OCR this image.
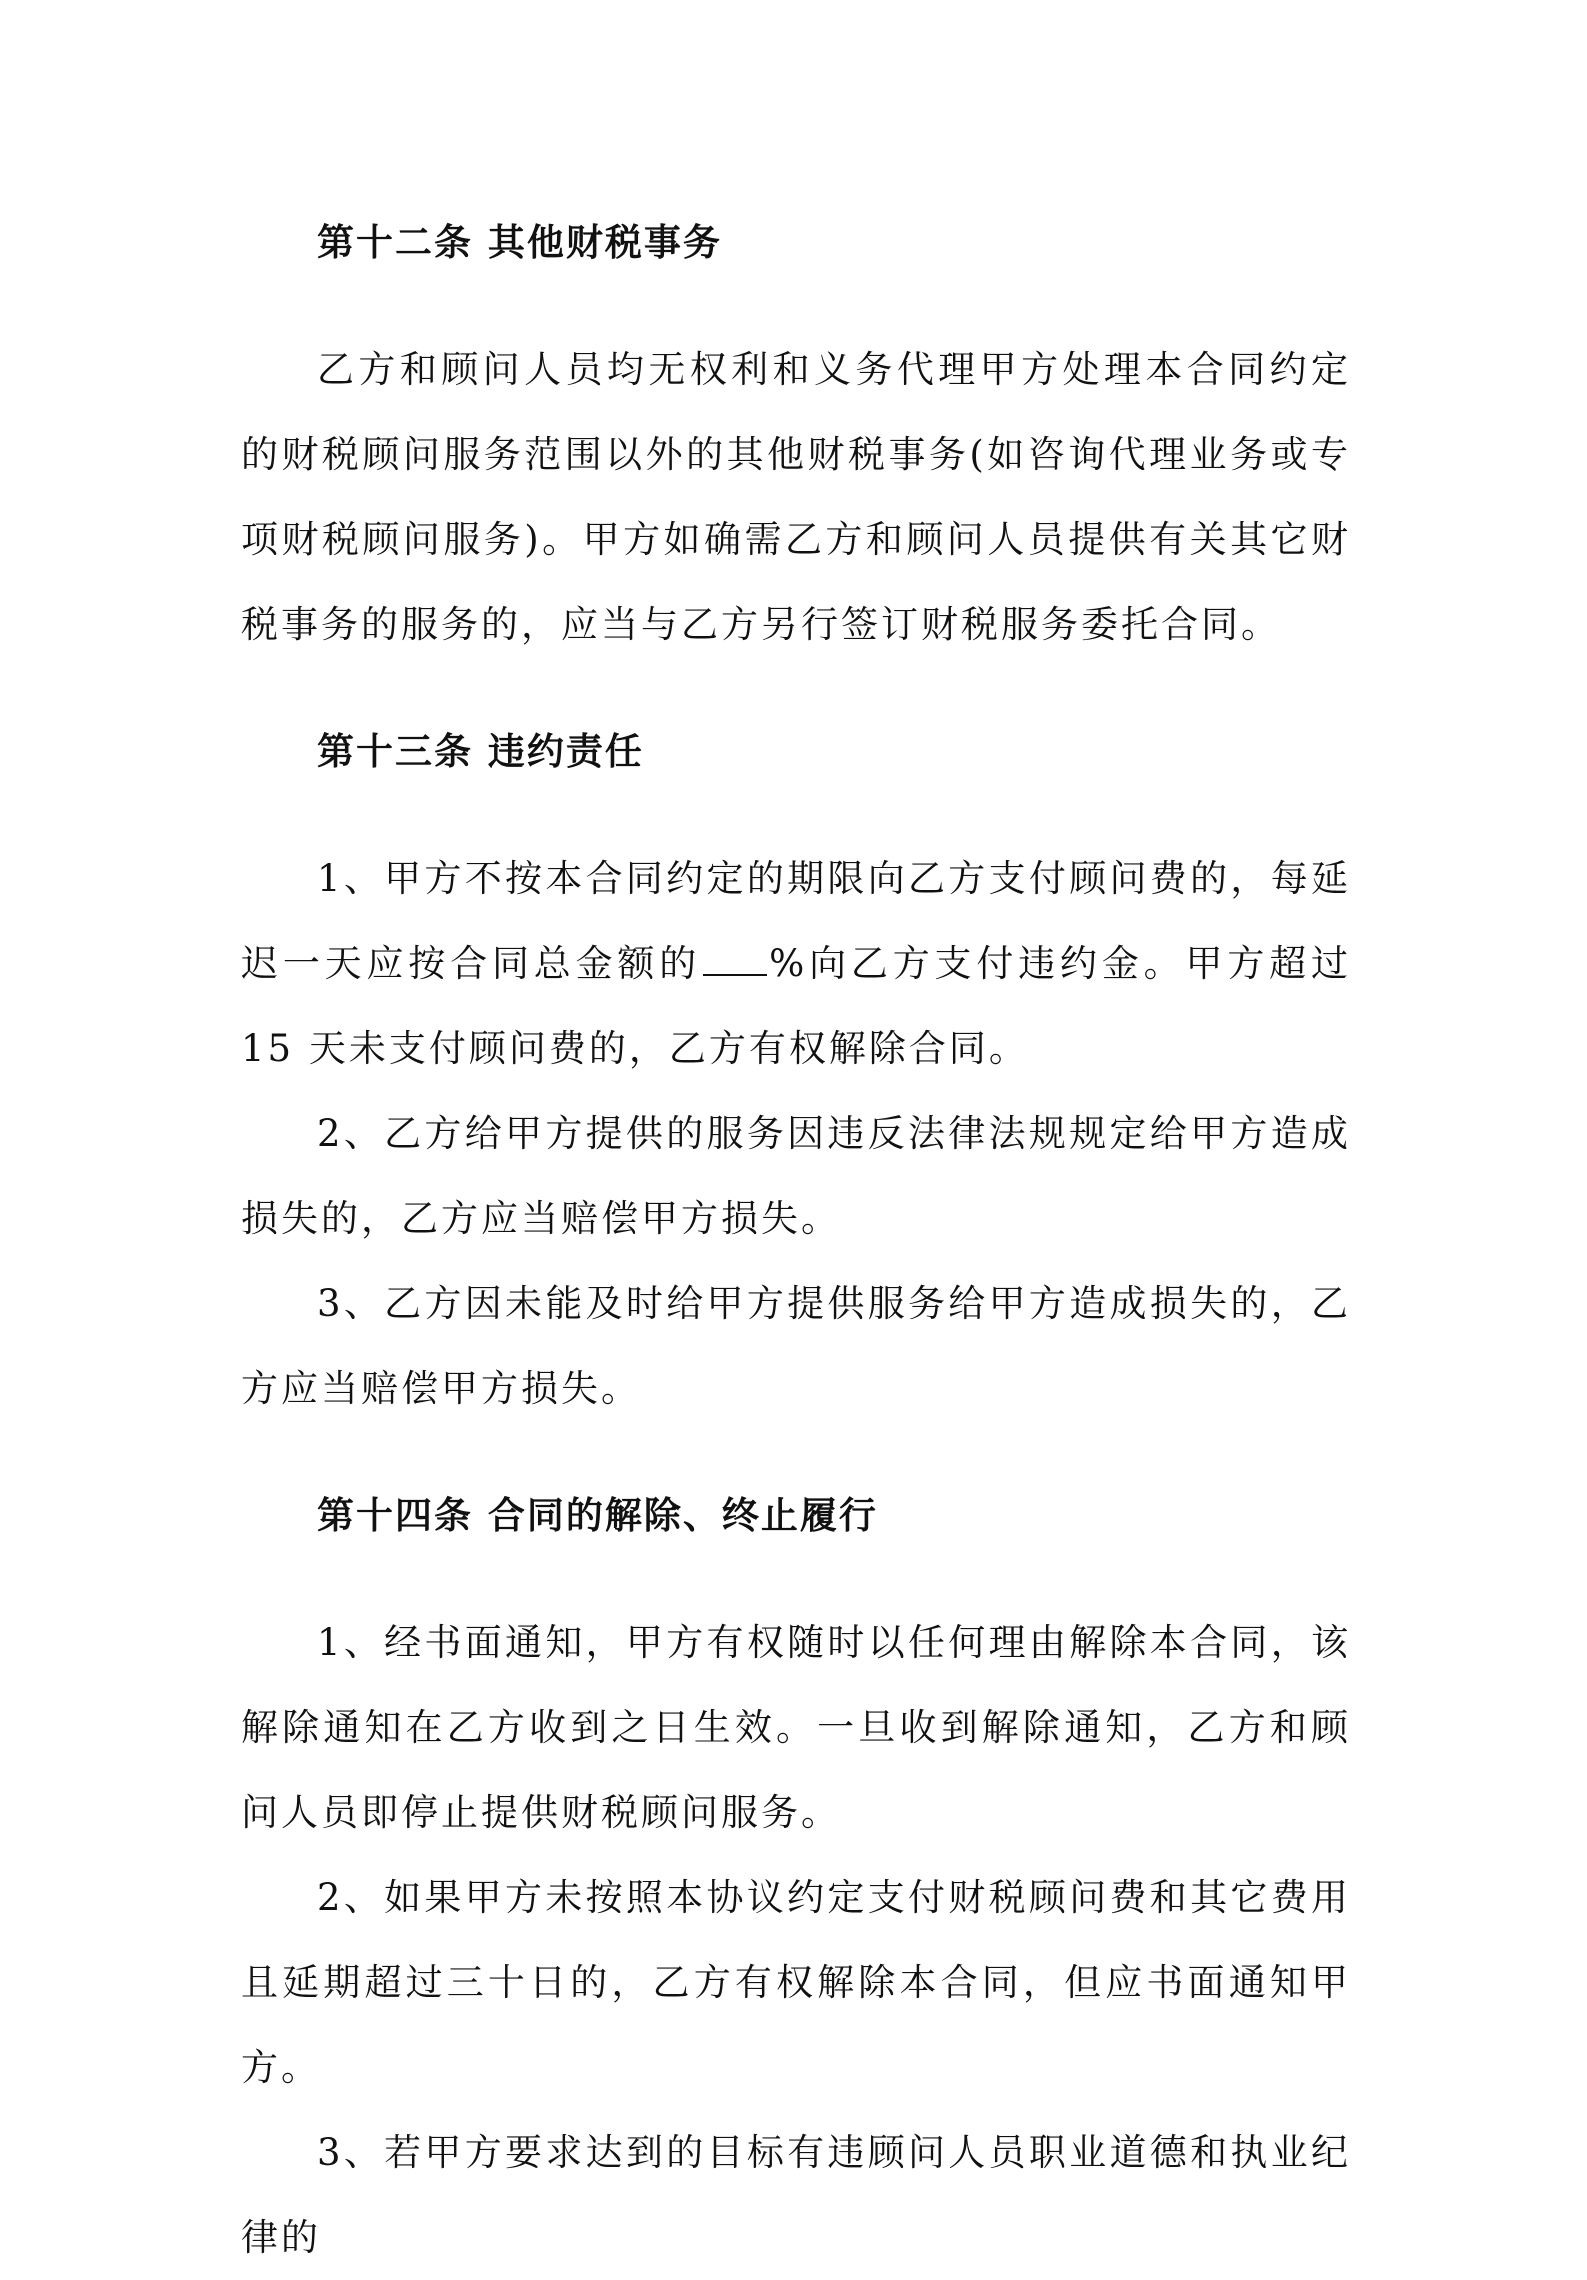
第十二条 其他财税事务

乙方和顾问人员均无权利和义务代理甲方处理本合同约定的财税顾问服务范围以外的其他财税事务(如咨询代理业务或专项财税顾问服务)。甲方如确需乙方和顾问人员提供有关其它财税事务的服务的，应当与乙方另行签订财税服务委托合同。

第十三条 违约责任

1、甲方不按本合同约定的期限向乙方支付顾问费的，每延迟一天应按合同总金额的 %向乙方支付违约金。甲方超过 15 天未支付顾问费的，乙方有权解除合同。

2、乙方给甲方提供的服务因违反法律法规规定给甲方造成损失的，乙方应当赔偿甲方损失。

3、乙方因未能及时给甲方提供服务给甲方造成损失的，乙方应当赔偿甲方损失。

第十四条 合同的解除、终止履行

1、经书面通知，甲方有权随时以任何理由解除本合同，该解除通知在乙方收到之日生效。一旦收到解除通知，乙方和顾问人员即停止提供财税顾问服务。

2、如果甲方未按照本协议约定支付财税顾问费和其它费用且延期超过三十日的，乙方有权解除本合同，但应书面通知甲方。

3、若甲方要求达到的目标有违顾问人员职业道德和执业纪律的
